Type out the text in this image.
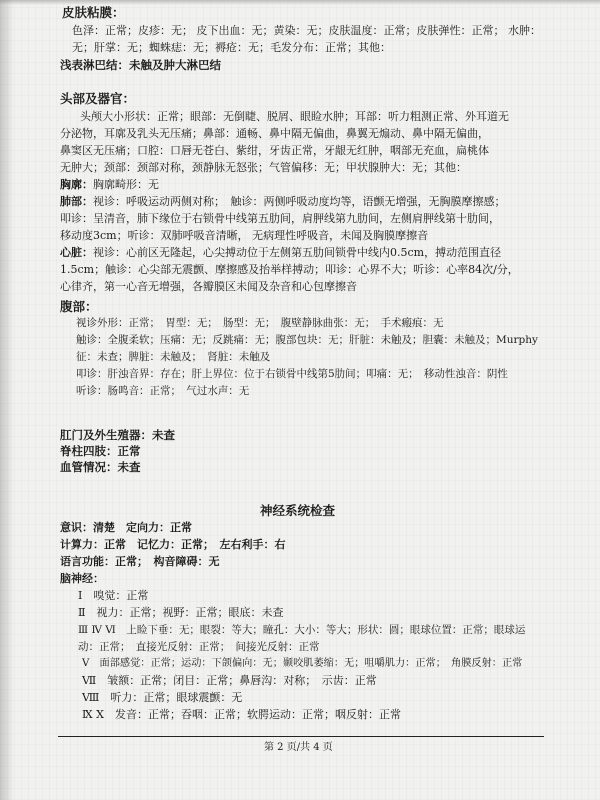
皮肤粘膜：
色泽：正常；皮疹：无； 皮下出血：无；黄染：无；皮肤温度：正常；皮肤弹性：正常； 水肿：
无；肝掌：无；蜘蛛痣：无；褥疮：无；毛发分布：正常；其他：
浅表淋巴结：未触及肿大淋巴结
头部及器官：
头颅大小形状：正常；眼部：无倒睫、脱屑、眼睑水肿；耳部：听力粗测正常、外耳道无
分泌物，耳廓及乳头无压痛；鼻部：通畅、鼻中隔无偏曲，鼻翼无煽动、鼻中隔无偏曲，
鼻窦区无压痛；口腔：口唇无苍白、紫绀，牙齿正常，牙龈无红肿，咽部无充血，扁桃体
无肿大；颈部：颈部对称，颈静脉无怒张；气管偏移：无；甲状腺肿大：无；其他：
胸廓：胸廓畸形：无
肺部：视诊：呼吸运动两侧对称；　触诊：两侧呼吸动度均等，语颤无增强，无胸膜摩擦感；
叩诊：呈清音，肺下缘位于右锁骨中线第五肋间，肩胛线第九肋间，左侧肩胛线第十肋间，
移动度3cm；听诊：双肺呼吸音清晰， 无病理性呼吸音，未闻及胸膜摩擦音
心脏：视诊：心前区无隆起，心尖搏动位于左侧第五肋间锁骨中线内0.5cm，搏动范围直径
1.5cm；触诊：心尖部无震颤、摩擦感及抬举样搏动；叩诊：心界不大；听诊：心率84次/分，
心律齐，第一心音无增强，各瓣膜区未闻及杂音和心包摩擦音
腹部：
视诊外形：正常；　胃型：无；　肠型：无；　腹壁静脉曲张：无；　手术瘢痕：无
触诊：全腹柔软；压痛：无；反跳痛：无；腹部包块：无；肝脏：未触及；胆囊：未触及；Murphy
征：未查；脾脏：未触及；　肾脏：未触及
叩诊：肝浊音界：存在；肝上界位：位于右锁骨中线第5肋间；叩痛：无；　移动性浊音：阴性
听诊：肠鸣音：正常；　气过水声：无
肛门及外生殖器：未查
脊柱四肢：正常
血管情况：未查
神经系统检查
意识：清楚　定向力：正常
计算力：正常　记忆力：正常；　左右利手：右
语言功能：正常；　构音障碍：无
脑神经：
Ⅰ　嗅觉：正常
Ⅱ　视力：正常；视野：正常；眼底：未查
Ⅲ Ⅳ Ⅵ　上睑下垂：无；眼裂：等大；瞳孔：大小：等大；形状：圆；眼球位置：正常；眼球运
动：正常；　直接光反射：正常；　间接光反射：正常
Ⅴ　面部感觉：正常；运动：下颌偏向：无；颞咬肌萎缩：无；咀嚼肌力：正常；　角膜反射：正常
Ⅶ　皱额：正常；闭目：正常；鼻唇沟：对称；　示齿：正常
Ⅷ　听力：正常；眼球震颤：无
Ⅸ Ⅹ　发音：正常；吞咽：正常；软腭运动：正常；咽反射：正常
第 2 页/共 4 页
